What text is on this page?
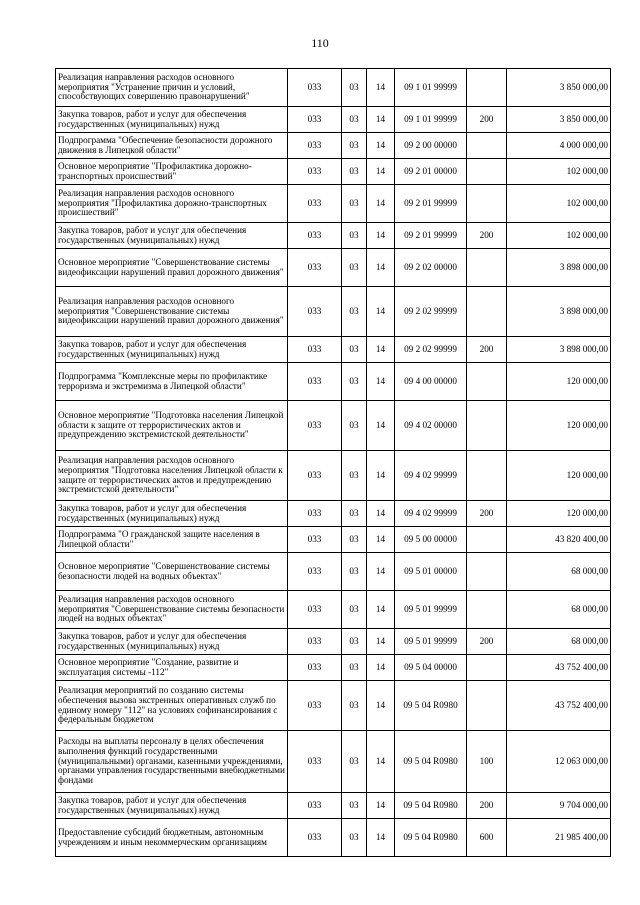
110
Реализация направления расходов основного мероприятия "Устранение причин и условий, способствующих совершению правонарушений"	033	03	14	09 1 01 99999		3 850 000,00
Закупка товаров, работ и услуг для обеспечения государственных (муниципальных) нужд	033	03	14	09 1 01 99999	200	3 850 000,00
Подпрограмма "Обеспечение безопасности дорожного движения в Липецкой области"	033	03	14	09 2 00 00000		4 000 000,00
Основное мероприятие "Профилактика дорожно-транспортных происшествий"	033	03	14	09 2 01 00000		102 000,00
Реализация направления расходов основного мероприятия "Профилактика дорожно-транспортных происшествий"	033	03	14	09 2 01 99999		102 000,00
Закупка товаров, работ и услуг для обеспечения государственных (муниципальных) нужд	033	03	14	09 2 01 99999	200	102 000,00
Основное мероприятие "Совершенствование системы видеофиксации нарушений правил дорожного движения"	033	03	14	09 2 02 00000		3 898 000,00
Реализация направления расходов основного мероприятия "Совершенствование системы видеофиксации нарушений правил дорожного движения"	033	03	14	09 2 02 99999		3 898 000,00
Закупка товаров, работ и услуг для обеспечения государственных (муниципальных) нужд	033	03	14	09 2 02 99999	200	3 898 000,00
Подпрограмма "Комплексные меры по профилактике терроризма и экстремизма в Липецкой области"	033	03	14	09 4 00 00000		120 000,00
Основное мероприятие "Подготовка населения Липецкой области к защите от террористических актов и предупреждению экстремистской деятельности"	033	03	14	09 4 02 00000		120 000,00
Реализация направления расходов основного мероприятия "Подготовка населения Липецкой области к защите от террористических актов и предупреждению экстремистской деятельности"	033	03	14	09 4 02 99999		120 000,00
Закупка товаров, работ и услуг для обеспечения государственных (муниципальных) нужд	033	03	14	09 4 02 99999	200	120 000,00
Подпрограмма "О гражданской защите населения в Липецкой области"	033	03	14	09 5 00 00000		43 820 400,00
Основное мероприятие "Совершенствование системы безопасности людей на водных объектах"	033	03	14	09 5 01 00000		68 000,00
Реализация направления расходов основного мероприятия "Совершенствование системы безопасности людей на водных объектах"	033	03	14	09 5 01 99999		68 000,00
Закупка товаров, работ и услуг для обеспечения государственных (муниципальных) нужд	033	03	14	09 5 01 99999	200	68 000,00
Основное мероприятие "Создание, развитие и эксплуатация системы -112"	033	03	14	09 5 04 00000		43 752 400,00
Реализация мероприятий по созданию системы обеспечения вызова экстренных оперативных служб по единому номеру "112" на условиях софинансирования с федеральным бюджетом	033	03	14	09 5 04 R0980		43 752 400,00
Расходы на выплаты персоналу в целях обеспечения выполнения функций государственными (муниципальными) органами, казенными учреждениями, органами управления государственными внебюджетными фондами	033	03	14	09 5 04 R0980	100	12 063 000,00
Закупка товаров, работ и услуг для обеспечения государственных (муниципальных) нужд	033	03	14	09 5 04 R0980	200	9 704 000,00
Предоставление субсидий бюджетным, автономным учреждениям и иным некоммерческим организациям	033	03	14	09 5 04 R0980	600	21 985 400,00
